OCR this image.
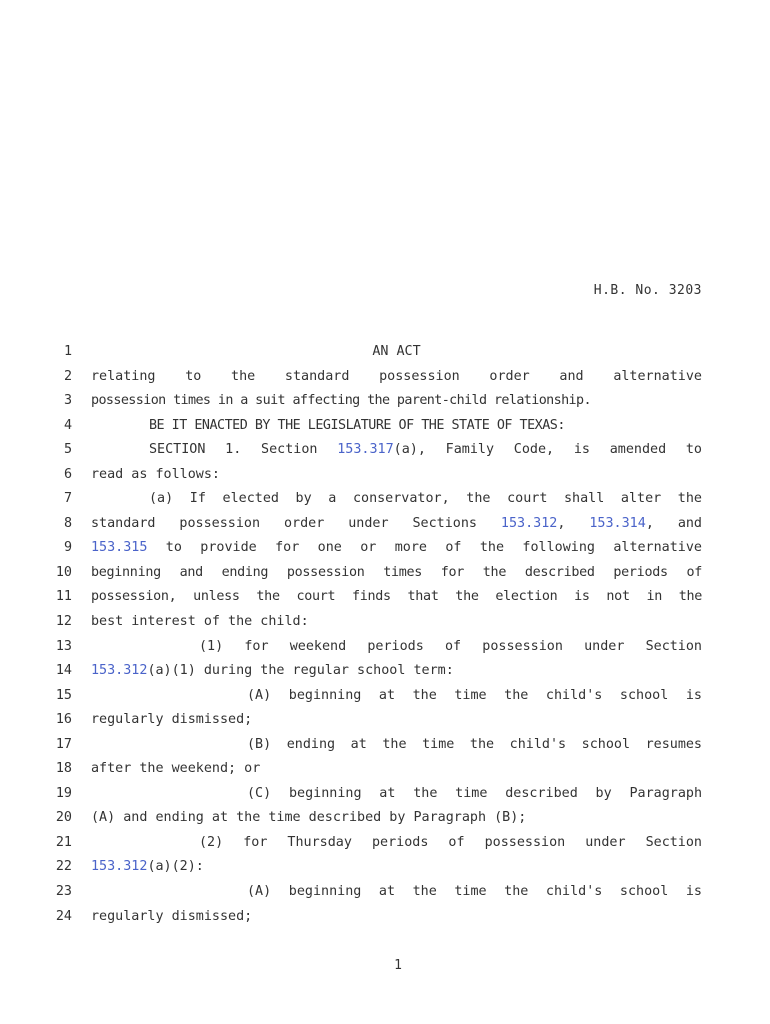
H.B. No. 3203
1	AN ACT
2 relating to the standard possession order and alternative
3 possession times in a suit affecting the parent-child relationship.
4	BE IT ENACTED BY THE LEGISLATURE OF THE STATE OF TEXAS:
5	SECTION 1. Section 153.317(a), Family Code, is amended to
6 read as follows:
7	(a) If elected by a conservator, the court shall alter the
8 standard possession order under Sections 153.312, 153.314, and
9 153.315 to provide for one or more of the following alternative
10 beginning and ending possession times for the described periods of
11 possession, unless the court finds that the election is not in the
12 best interest of the child:
13	(1) for weekend periods of possession under Section
14 153.312(a)(1) during the regular school term:
15	(A) beginning at the time the child's school is
16 regularly dismissed;
17	(B) ending at the time the child's school resumes
18 after the weekend; or
19	(C) beginning at the time described by Paragraph
20 (A) and ending at the time described by Paragraph (B);
21	(2) for Thursday periods of possession under Section
22 153.312(a)(2):
23	(A) beginning at the time the child's school is
24 regularly dismissed;
1
